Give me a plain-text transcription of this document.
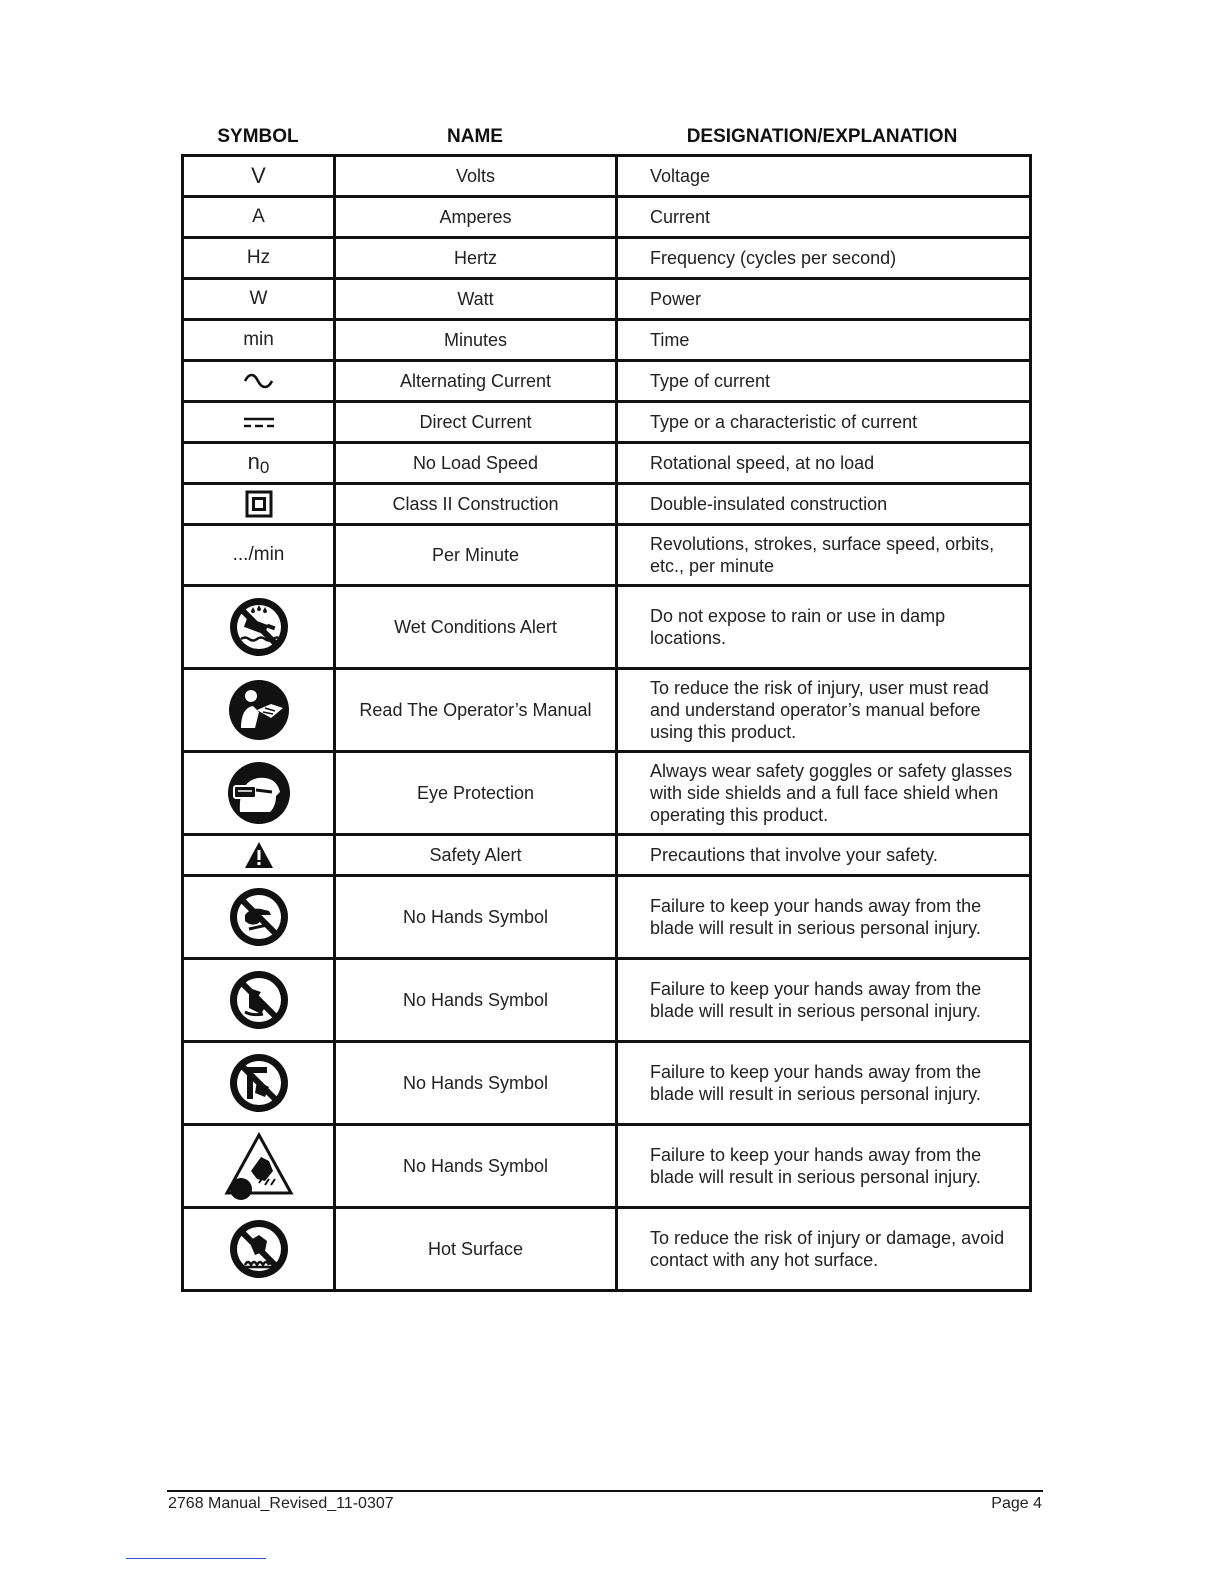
SYMBOL	NAME	DESIGNATION/EXPLANATION
V	Volts	Voltage
A	Amperes	Current
Hz	Hertz	Frequency (cycles per second)
W	Watt	Power
min	Minutes	Time
	Alternating Current	Type of current
	Direct Current	Type or a characteristic of current
$n_0$	No Load Speed	Rotational speed, at no load
	Class II Construction	Double-insulated construction
.../min	Per Minute	Revolutions, strokes, surface speed, orbits, etc., per minute
	Wet Conditions Alert	Do not expose to rain or use in damp locations.
	Read The Operator’s Manual	To reduce the risk of injury, user must read and understand operator’s manual before using this product.
	Eye Protection	Always wear safety goggles or safety glasses with side shields and a full face shield when operating this product.
	Safety Alert	Precautions that involve your safety.
	No Hands Symbol	Failure to keep your hands away from the blade will result in serious personal injury.
	No Hands Symbol	Failure to keep your hands away from the blade will result in serious personal injury.
	No Hands Symbol	Failure to keep your hands away from the blade will result in serious personal injury.
	No Hands Symbol	Failure to keep your hands away from the blade will result in serious personal injury.
	Hot Surface	To reduce the risk of injury or damage, avoid contact with any hot surface.
2768 Manual_Revised_11-0307	Page 4
